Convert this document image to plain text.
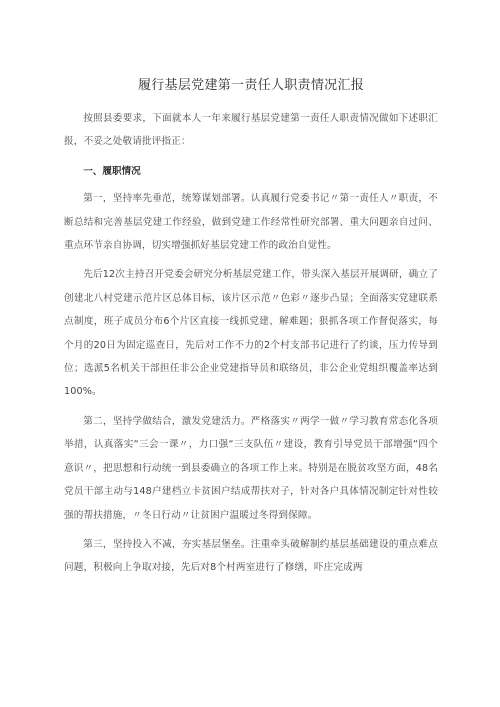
履行基层党建第一责任人职责情况汇报

按照县委要求，下面就本人一年来履行基层党建第一责任人职责情况做如下述职汇报，不妥之处敬请批评指正：

一、履职情况

第一，坚持率先垂范，统筹谋划部署。认真履行党委书记〃第一责任人〃职责，不断总结和完善基层党建工作经验，做到党建工作经常性研究部署、重大问题亲自过问、重点环节亲自协调，切实增强抓好基层党建工作的政治自觉性。

先后12次主持召开党委会研究分析基层党建工作，带头深入基层开展调研，确立了创建北八村党建示范片区总体目标，该片区示范〃色彩〃逐步凸显；全面落实党建联系点制度，班子成员分布6个片区直接一线抓党建、解难题；狠抓各项工作督促落实，每个月的20日为固定巡查日，先后对工作不力的2个村支部书记进行了约谈，压力传导到位；选派5名机关干部担任非公企业党建指导员和联络员，非公企业党组织覆盖率达到100%。

第二，坚持学做结合，激发党建活力。严格落实〃两学一做〃学习教育常态化各项举措，认真落实“三会一课〃，力口强“三支队伍〃建设，教育引导党员干部增强“四个意识〃，把思想和行动统一到县委确立的各项工作上来。特别是在脱贫攻坚方面，48名党员干部主动与148户建档立卡贫困户结成帮扶对子，针对各户具体情况制定针对性较强的帮扶措施，〃冬日行动〃让贫困户温暖过冬得到保障。

第三，坚持投入不减，夯实基层堡垒。注重牵头破解制约基层基础建设的重点难点问题，积极向上争取对接，先后对8个村两室进行了修缮，吓庄完成两
